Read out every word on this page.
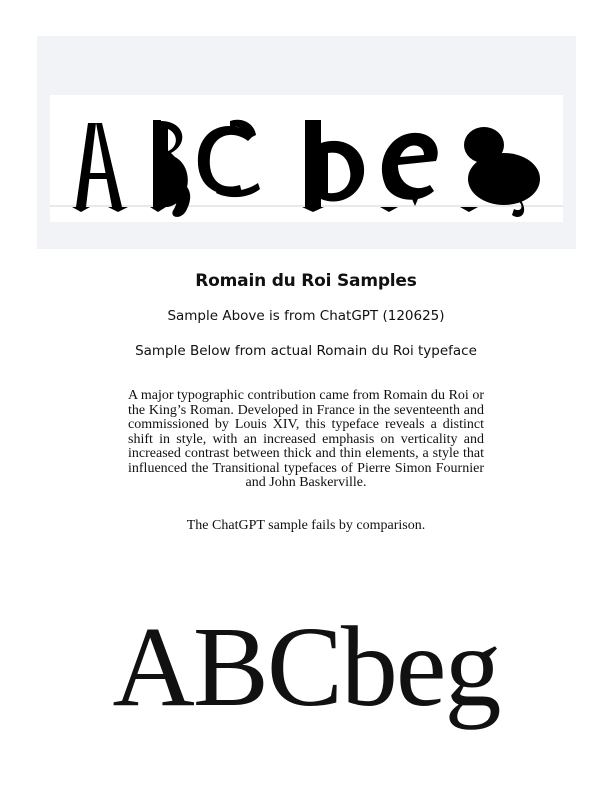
Romain du Roi Samples
Sample Above is from ChatGPT (120625)
Sample Below from actual Romain du Roi typeface
A major typographic contribution came from Romain du Roi or the King’s Roman. Developed in France in the seventeenth and commissioned by Louis XIV, this typeface reveals a distinct shift in style, with an increased emphasis on verticality and increased contrast between thick and thin elements, a style that influenced the Transitional typefaces of Pierre Simon Fournier and John Baskerville.
The ChatGPT sample fails by comparison.
ABCbeg
